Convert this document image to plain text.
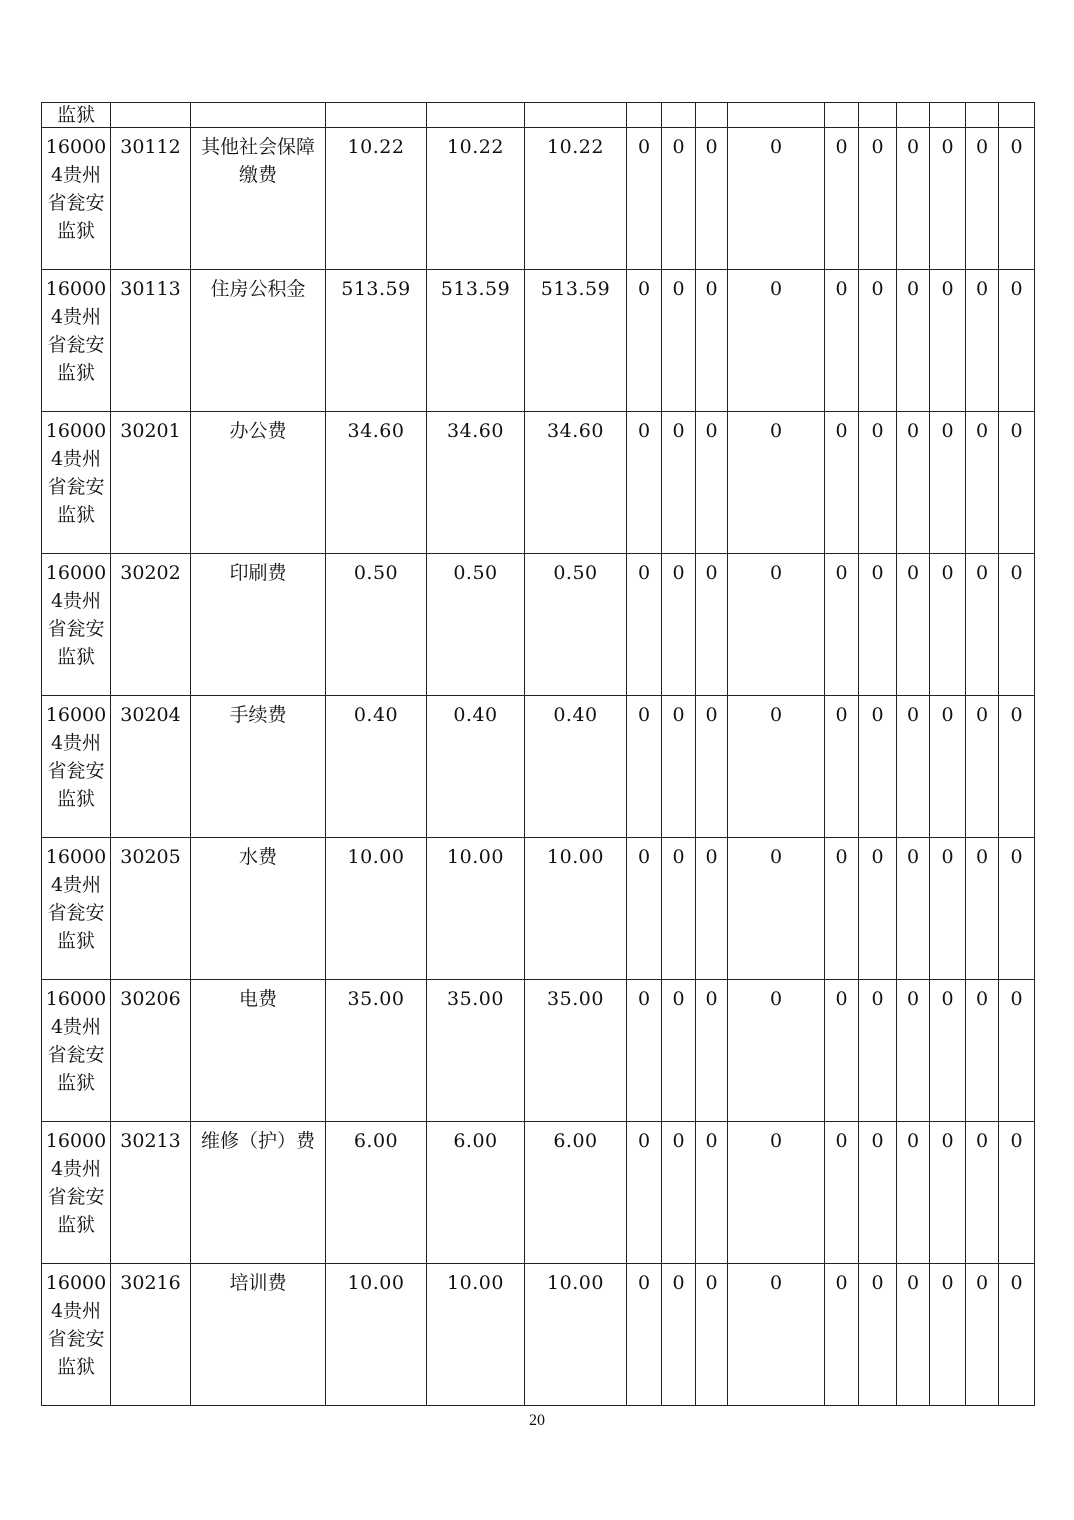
监狱															
160004贵州省瓮安监狱	30112	其他社会保障缴费	10.22	10.22	10.22	0	0	0	0	0	0	0	0	0	0
160004贵州省瓮安监狱	30113	住房公积金	513.59	513.59	513.59	0	0	0	0	0	0	0	0	0	0
160004贵州省瓮安监狱	30201	办公费	34.60	34.60	34.60	0	0	0	0	0	0	0	0	0	0
160004贵州省瓮安监狱	30202	印刷费	0.50	0.50	0.50	0	0	0	0	0	0	0	0	0	0
160004贵州省瓮安监狱	30204	手续费	0.40	0.40	0.40	0	0	0	0	0	0	0	0	0	0
160004贵州省瓮安监狱	30205	水费	10.00	10.00	10.00	0	0	0	0	0	0	0	0	0	0
160004贵州省瓮安监狱	30206	电费	35.00	35.00	35.00	0	0	0	0	0	0	0	0	0	0
160004贵州省瓮安监狱	30213	维修（护）费	6.00	6.00	6.00	0	0	0	0	0	0	0	0	0	0
160004贵州省瓮安监狱	30216	培训费	10.00	10.00	10.00	0	0	0	0	0	0	0	0	0	0
20
